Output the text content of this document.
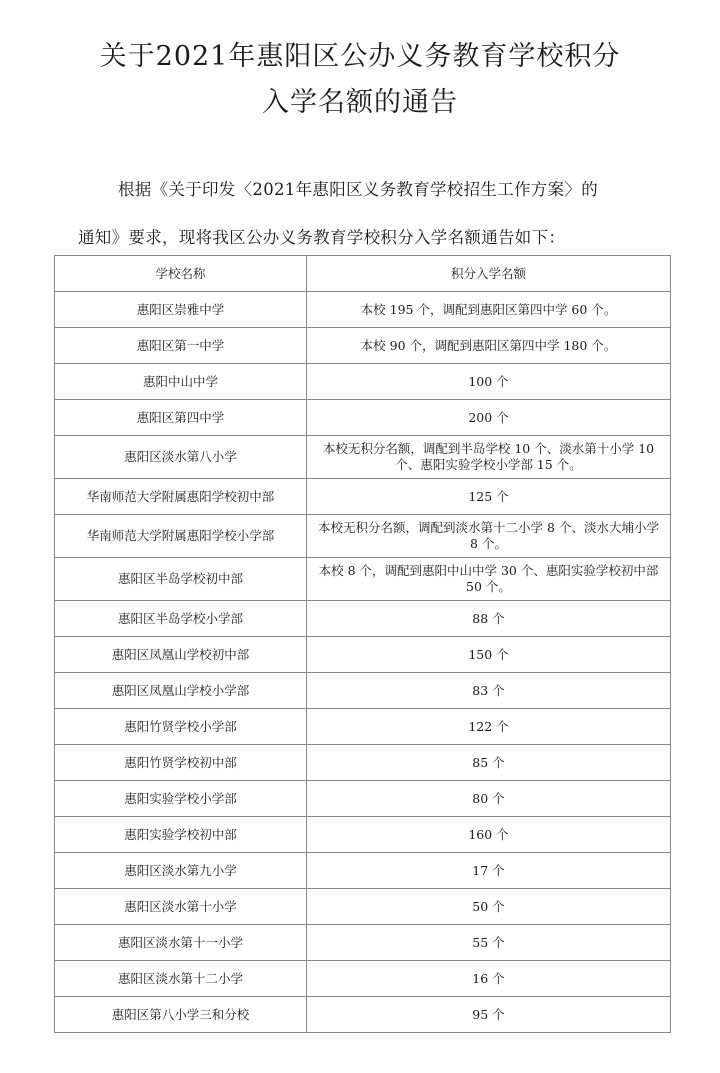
关于2021年惠阳区公办义务教育学校积分
入学名额的通告
根据《关于印发〈2021年惠阳区义务教育学校招生工作方案〉的
通知》要求，现将我区公办义务教育学校积分入学名额通告如下：
学校名称	积分入学名额
惠阳区崇雅中学	本校 195 个，调配到惠阳区第四中学 60 个。
惠阳区第一中学	本校 90 个，调配到惠阳区第四中学 180 个。
惠阳中山中学	100 个
惠阳区第四中学	200 个
惠阳区淡水第八小学	本校无积分名额，调配到半岛学校 10 个、淡水第十小学 10 个、惠阳实验学校小学部 15 个。
华南师范大学附属惠阳学校初中部	125 个
华南师范大学附属惠阳学校小学部	本校无积分名额，调配到淡水第十二小学 8 个、淡水大埔小学 8 个。
惠阳区半岛学校初中部	本校 8 个，调配到惠阳中山中学 30 个、惠阳实验学校初中部 50 个。
惠阳区半岛学校小学部	88 个
惠阳区凤凰山学校初中部	150 个
惠阳区凤凰山学校小学部	83 个
惠阳竹贤学校小学部	122 个
惠阳竹贤学校初中部	85 个
惠阳实验学校小学部	80 个
惠阳实验学校初中部	160 个
惠阳区淡水第九小学	17 个
惠阳区淡水第十小学	50 个
惠阳区淡水第十一小学	55 个
惠阳区淡水第十二小学	16 个
惠阳区第八小学三和分校	95 个
